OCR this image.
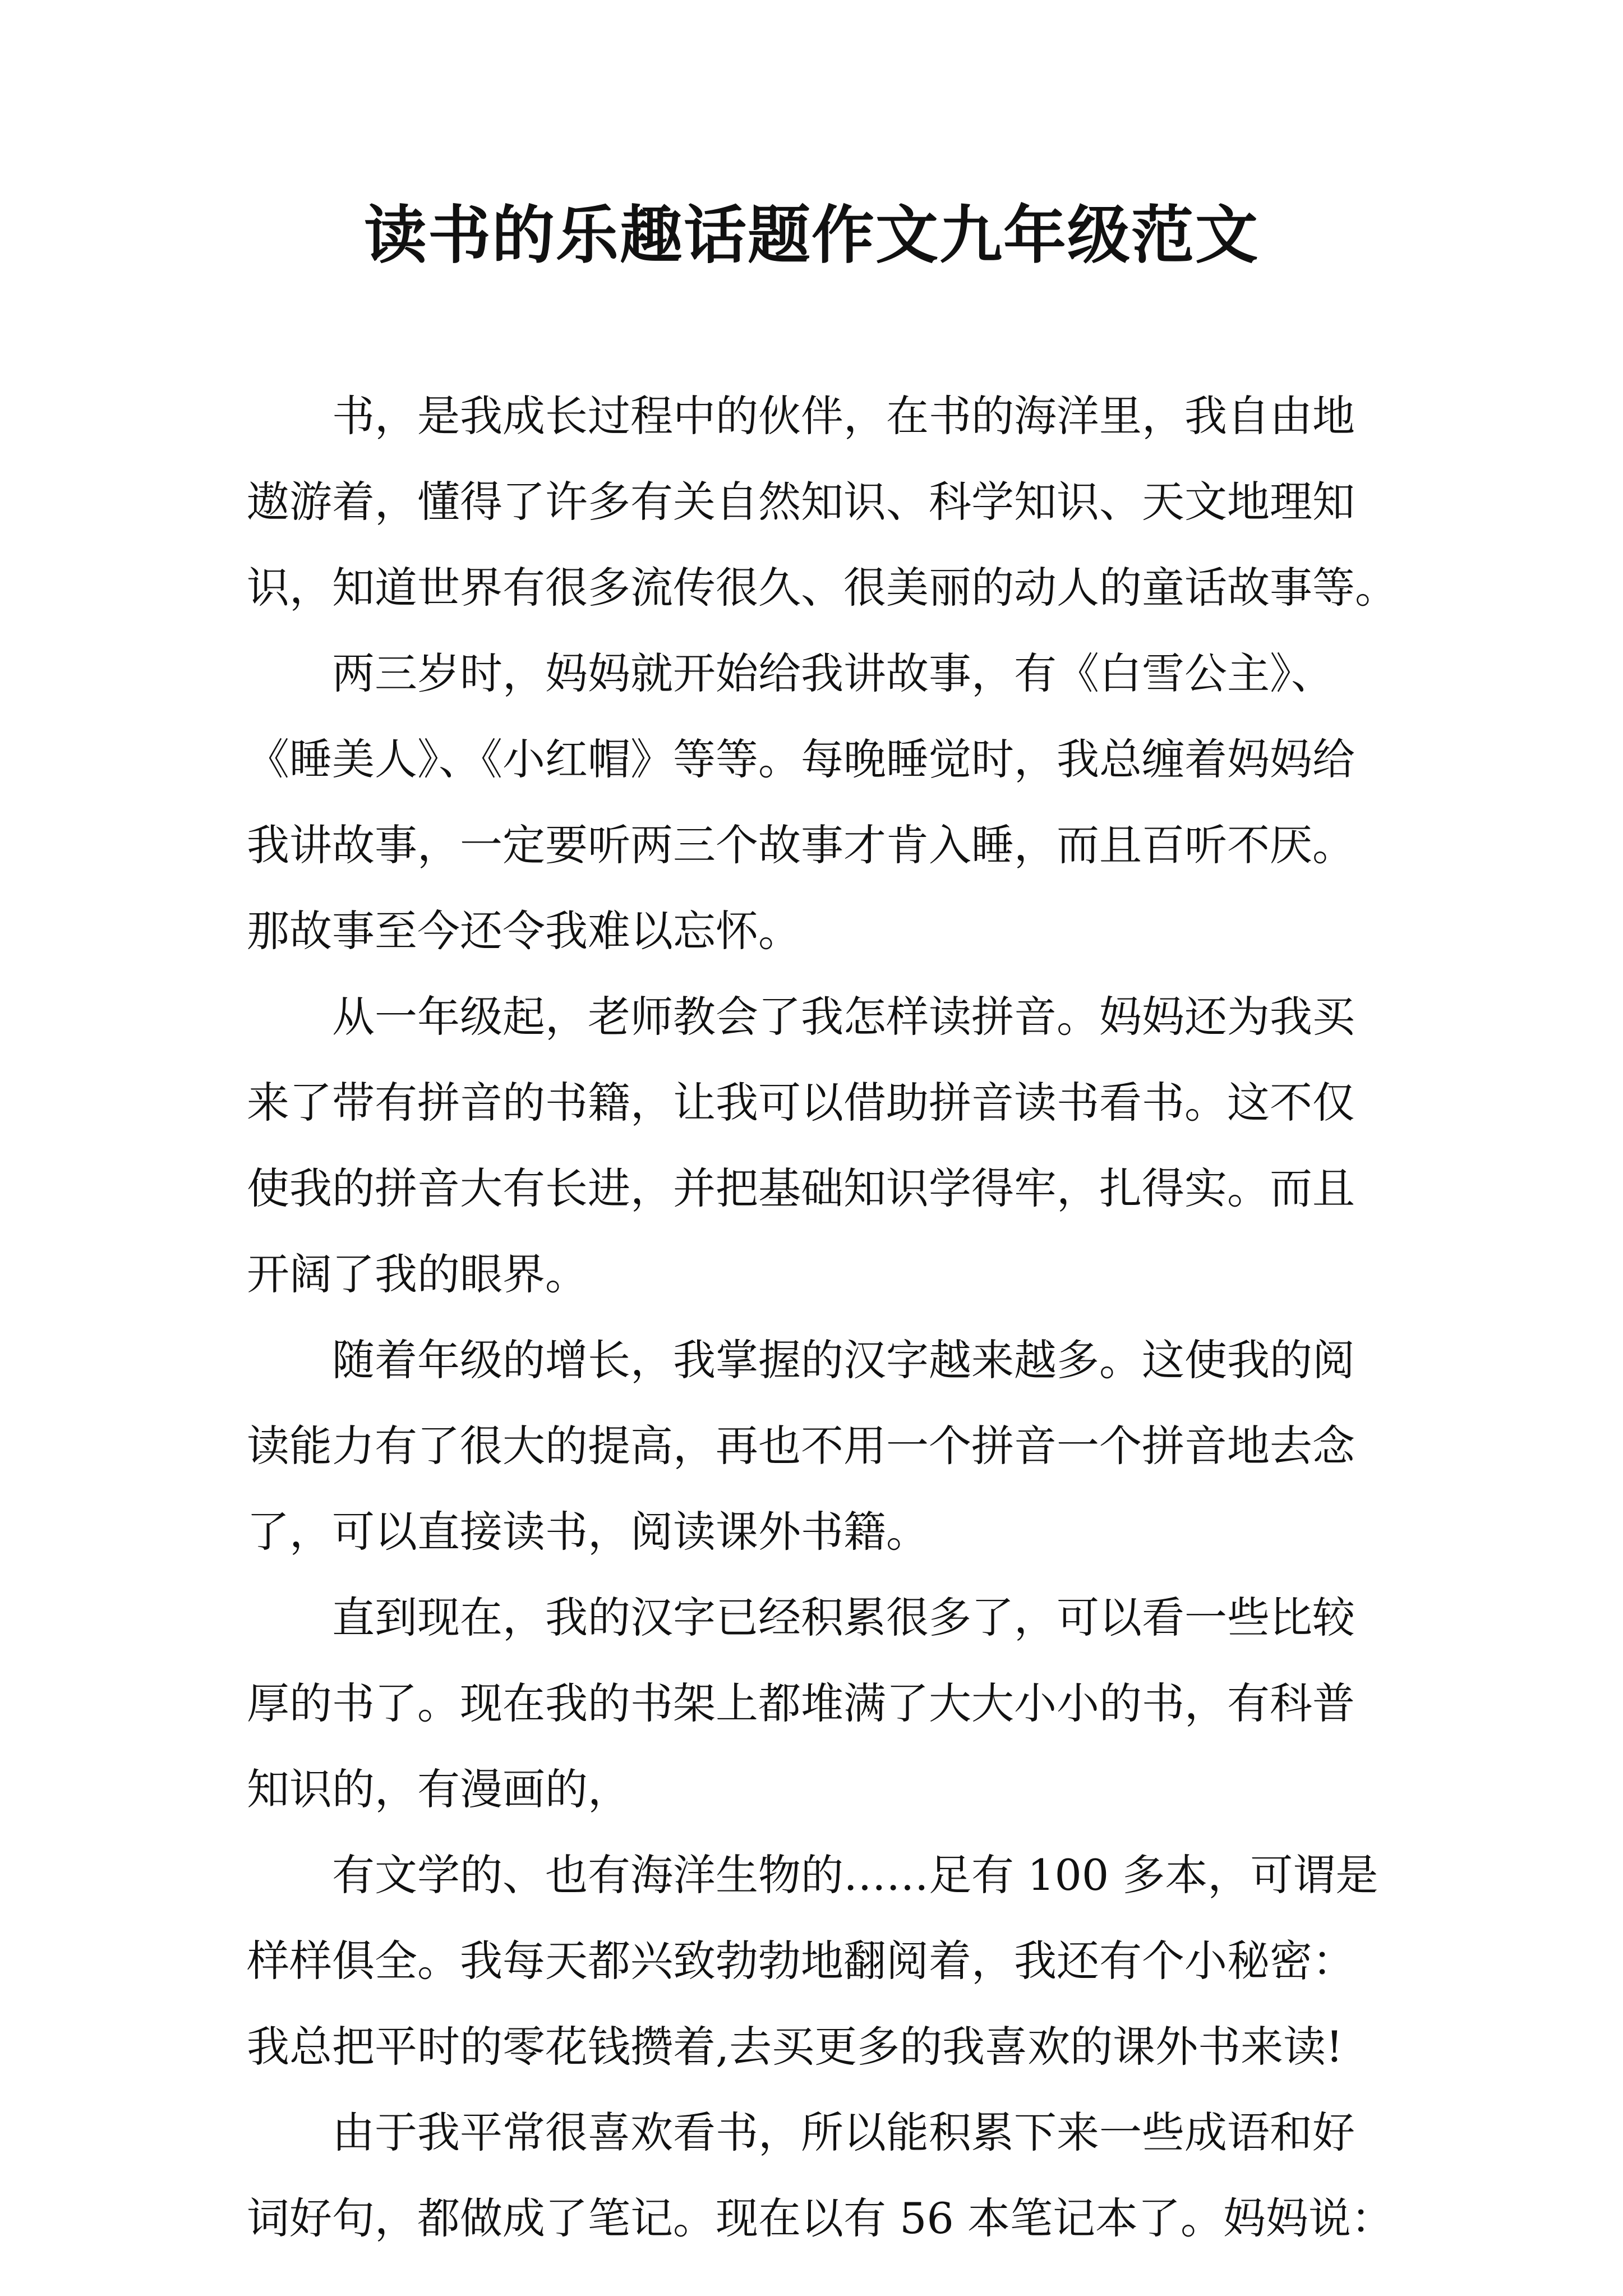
读书的乐趣话题作文九年级范文
书，是我成长过程中的伙伴，在书的海洋里，我自由地
遨游着，懂得了许多有关自然知识、科学知识、天文地理知
识，知道世界有很多流传很久、很美丽的动人的童话故事等。
两三岁时，妈妈就开始给我讲故事，有《白雪公主》、
《睡美人》、《小红帽》等等。每晚睡觉时，我总缠着妈妈给
我讲故事，一定要听两三个故事才肯入睡，而且百听不厌。
那故事至今还令我难以忘怀。
从一年级起，老师教会了我怎样读拼音。妈妈还为我买
来了带有拼音的书籍，让我可以借助拼音读书看书。这不仅
使我的拼音大有长进，并把基础知识学得牢，扎得实。而且
开阔了我的眼界。
随着年级的增长，我掌握的汉字越来越多。这使我的阅
读能力有了很大的提高，再也不用一个拼音一个拼音地去念
了，可以直接读书，阅读课外书籍。
直到现在，我的汉字已经积累很多了，可以看一些比较
厚的书了。现在我的书架上都堆满了大大小小的书，有科普
知识的，有漫画的，
有文学的、也有海洋生物的……足有 100 多本，可谓是
样样俱全。我每天都兴致勃勃地翻阅着，我还有个小秘密：
我总把平时的零花钱攒着,去买更多的我喜欢的课外书来读!
由于我平常很喜欢看书，所以能积累下来一些成语和好
词好句，都做成了笔记。现在以有 56 本笔记本了。妈妈说：
